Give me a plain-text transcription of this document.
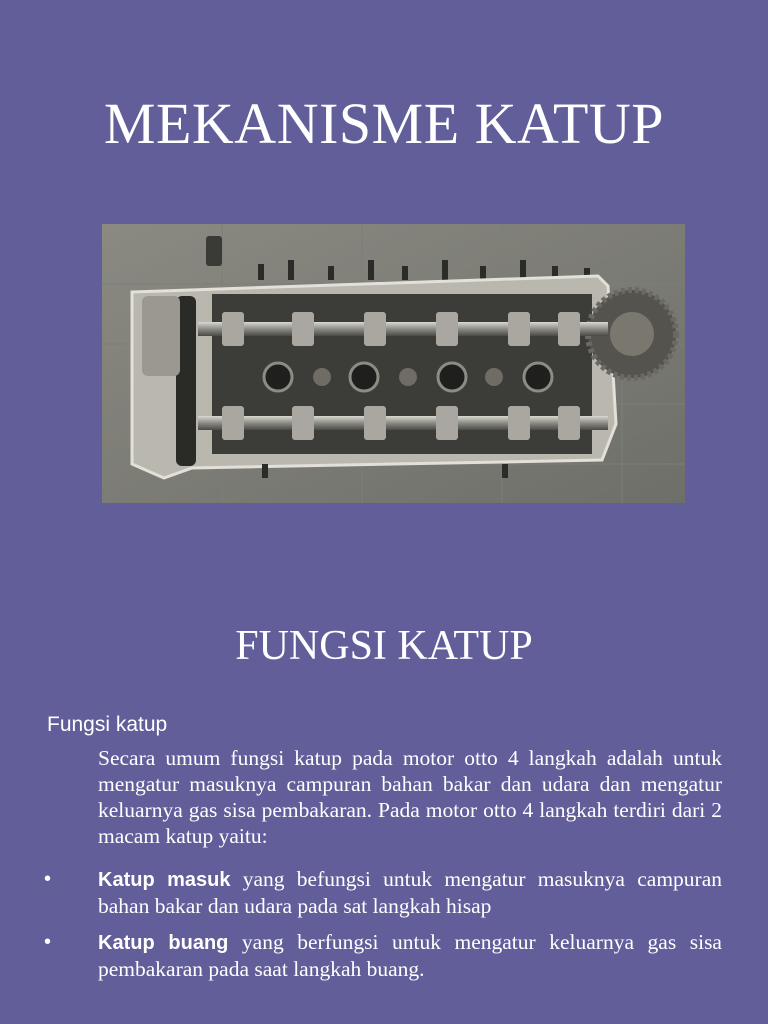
MEKANISME KATUP
FUNGSI KATUP
Fungsi katup
Secara umum fungsi katup pada motor otto 4 langkah adalah untuk mengatur masuknya campuran bahan bakar dan udara dan mengatur keluarnya gas sisa pembakaran. Pada motor otto 4 langkah terdiri dari 2 macam katup yaitu:
• Katup masuk yang befungsi untuk mengatur masuknya campuran bahan bakar dan udara pada sat langkah hisap
• Katup buang yang berfungsi untuk mengatur keluarnya gas sisa pembakaran pada saat langkah buang.
